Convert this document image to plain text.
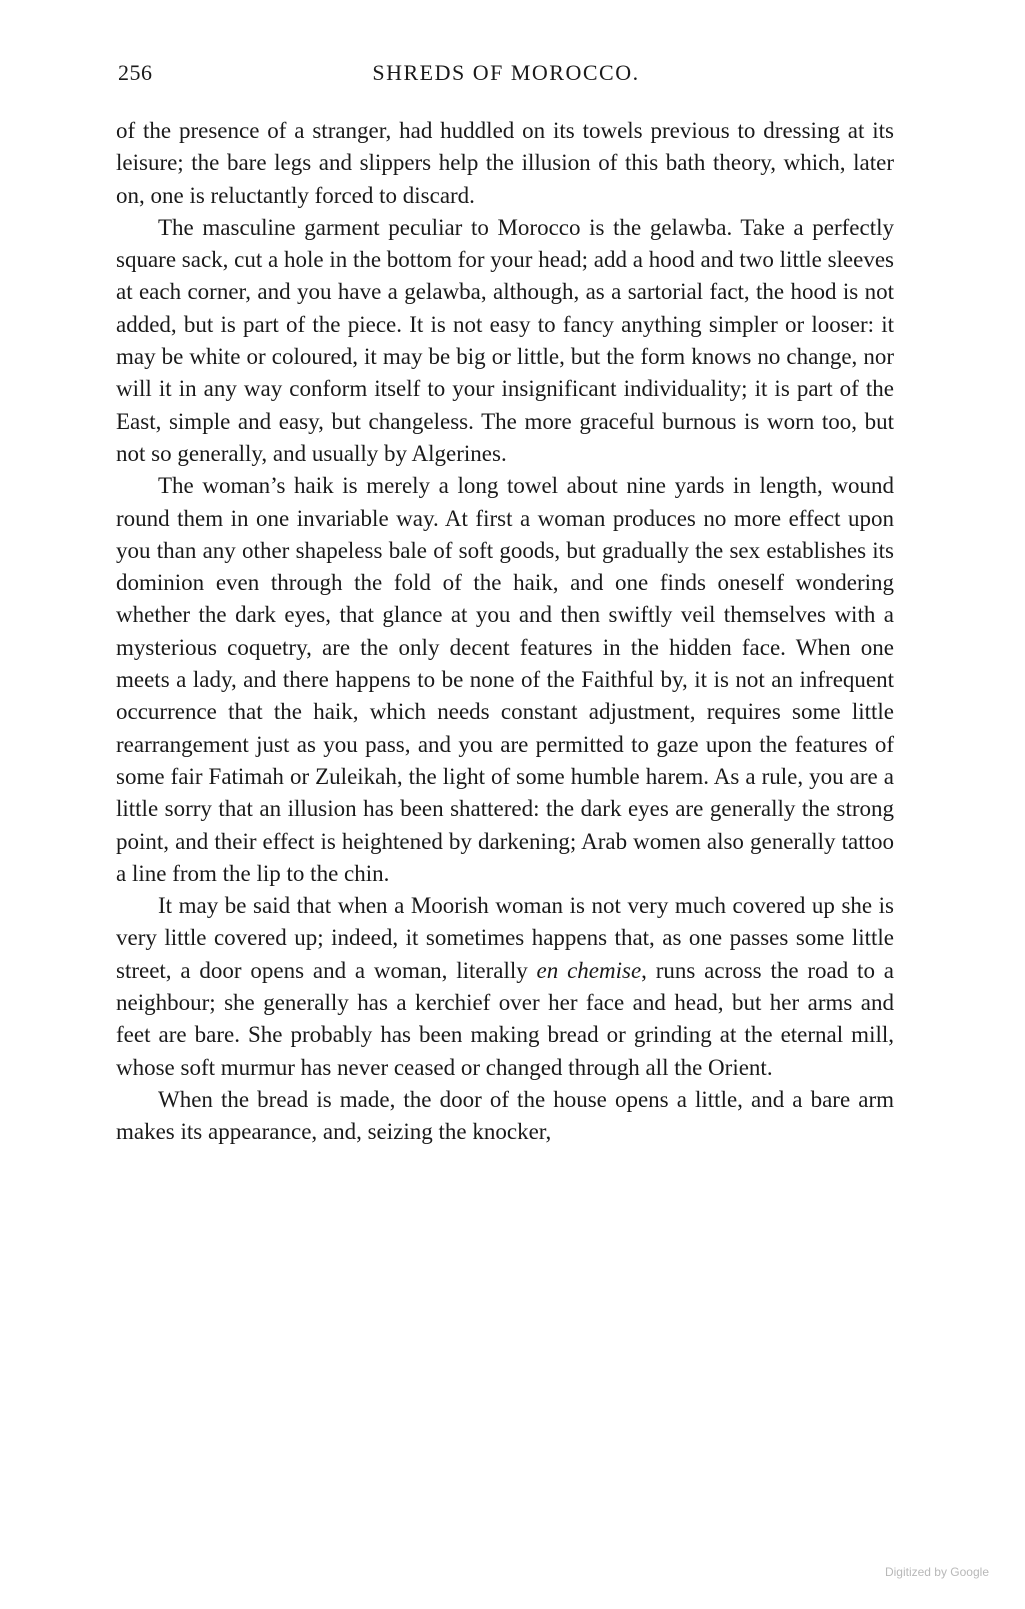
256	SHREDS OF MOROCCO.

of the presence of a stranger, had huddled on its towels previous to dressing at its leisure; the bare legs and slippers help the illusion of this bath theory, which, later on, one is reluctantly forced to discard.

The masculine garment peculiar to Morocco is the gelawba. Take a perfectly square sack, cut a hole in the bottom for your head; add a hood and two little sleeves at each corner, and you have a gelawba, although, as a sartorial fact, the hood is not added, but is part of the piece. It is not easy to fancy anything simpler or looser: it may be white or coloured, it may be big or little, but the form knows no change, nor will it in any way conform itself to your insignificant individuality; it is part of the East, simple and easy, but changeless. The more graceful burnous is worn too, but not so generally, and usually by Algerines.

The woman’s haik is merely a long towel about nine yards in length, wound round them in one invariable way. At first a woman produces no more effect upon you than any other shapeless bale of soft goods, but gradually the sex establishes its dominion even through the fold of the haik, and one finds oneself wondering whether the dark eyes, that glance at you and then swiftly veil themselves with a mysterious coquetry, are the only decent features in the hidden face. When one meets a lady, and there happens to be none of the Faithful by, it is not an infrequent occurrence that the haik, which needs constant adjustment, requires some little rearrangement just as you pass, and you are permitted to gaze upon the features of some fair Fatimah or Zuleikah, the light of some humble harem. As a rule, you are a little sorry that an illusion has been shattered: the dark eyes are generally the strong point, and their effect is heightened by darkening; Arab women also generally tattoo a line from the lip to the chin.

It may be said that when a Moorish woman is not very much covered up she is very little covered up; indeed, it sometimes happens that, as one passes some little street, a door opens and a woman, literally en chemise, runs across the road to a neighbour; she generally has a kerchief over her face and head, but her arms and feet are bare. She probably has been making bread or grinding at the eternal mill, whose soft murmur has never ceased or changed through all the Orient.

When the bread is made, the door of the house opens a little, and a bare arm makes its appearance, and, seizing the knocker,

Digitized by Google
